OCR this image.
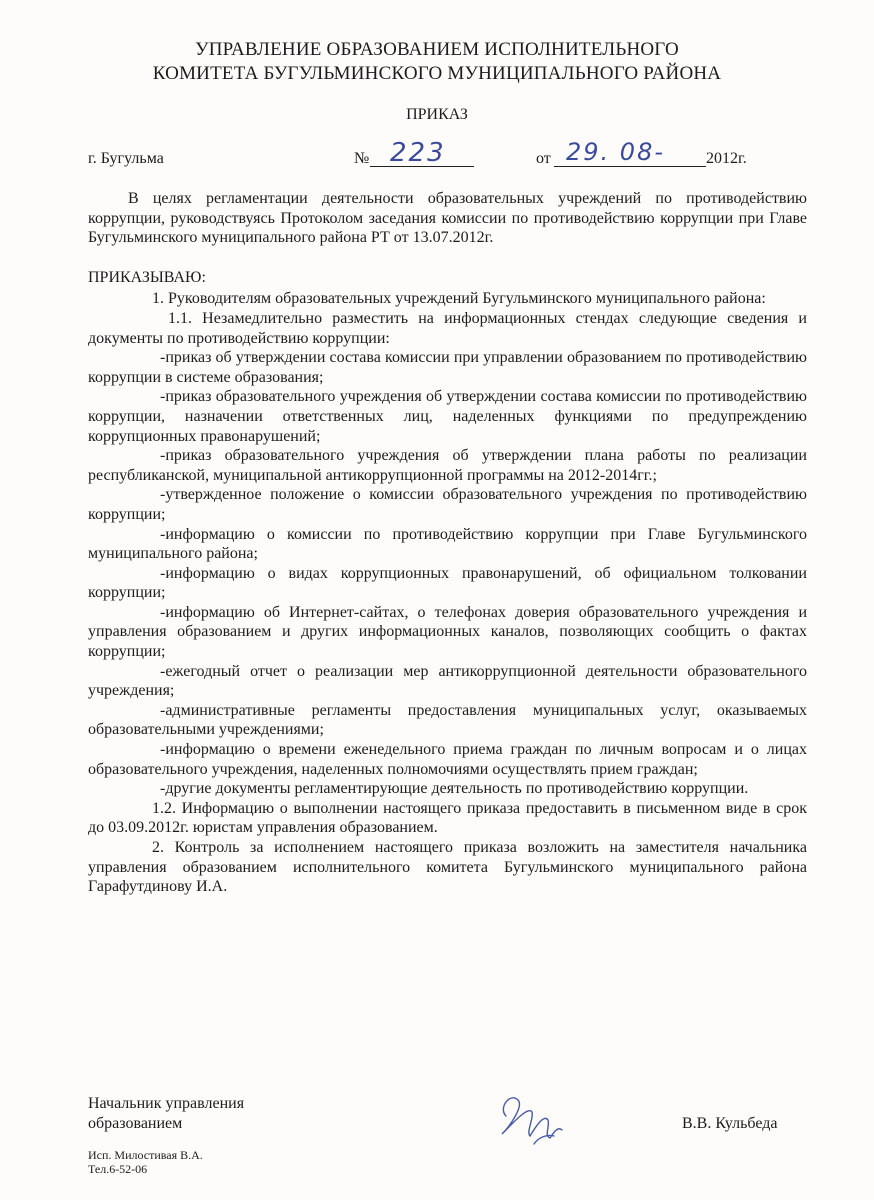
УПРАВЛЕНИЕ ОБРАЗОВАНИЕМ ИСПОЛНИТЕЛЬНОГО
КОМИТЕТА БУГУЛЬМИНСКОГО МУНИЦИПАЛЬНОГО РАЙОНА
ПРИКАЗ
г. Бугульма	№ 223	от 29. 08-	2012г.

В целях регламентации деятельности образовательных учреждений по противодействию коррупции, руководствуясь Протоколом заседания комиссии по противодействию коррупции при Главе Бугульминского муниципального района РТ от 13.07.2012г.

ПРИКАЗЫВАЮ:

1. Руководителям образовательных учреждений Бугульминского муниципального района:

1.1. Незамедлительно разместить на информационных стендах следующие сведения и документы по противодействию коррупции:

-приказ об утверждении состава комиссии при управлении образованием по противодействию коррупции в системе образования;

-приказ образовательного учреждения об утверждении состава комиссии по противодействию коррупции, назначении ответственных лиц, наделенных функциями по предупреждению коррупционных правонарушений;

-приказ образовательного учреждения об утверждении плана работы по реализации республиканской, муниципальной антикоррупционной программы на 2012-2014гг.;

-утвержденное положение о комиссии образовательного учреждения по противодействию коррупции;

-информацию о комиссии по противодействию коррупции при Главе Бугульминского муниципального района;

-информацию о видах коррупционных правонарушений, об официальном толковании коррупции;

-информацию об Интернет-сайтах, о телефонах доверия образовательного учреждения и управления образованием и других информационных каналов, позволяющих сообщить о фактах коррупции;

-ежегодный отчет о реализации мер антикоррупционной деятельности образовательного учреждения;

-административные регламенты предоставления муниципальных услуг, оказываемых образовательными учреждениями;

-информацию о времени еженедельного приема граждан по личным вопросам и о лицах образовательного учреждения, наделенных полномочиями осуществлять прием граждан;

-другие документы регламентирующие деятельность по противодействию коррупции.

1.2. Информацию о выполнении настоящего приказа предоставить в письменном виде в срок до 03.09.2012г. юристам управления образованием.

2. Контроль за исполнением настоящего приказа возложить на заместителя начальника управления образованием исполнительного комитета Бугульминского муниципального района Гарафутдинову И.А.

Начальник управления
образованием	В.В. Кульбеда
Исп. Милостивая В.А.
Тел.6-52-06
